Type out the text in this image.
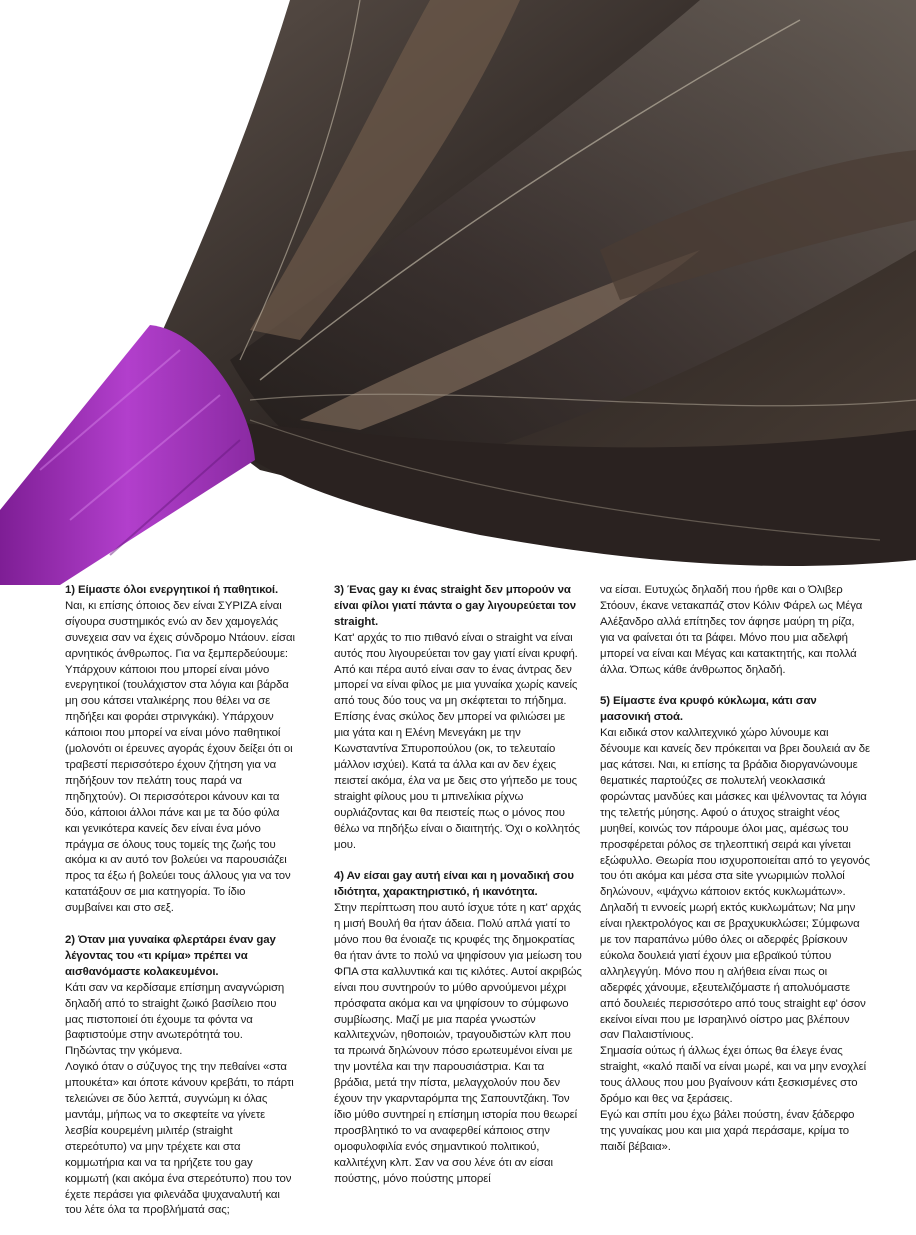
1) Είμαστε όλοι ενεργητικοί ή παθητικοί.
Ναι, κι επίσης όποιος δεν είναι ΣΥΡΙΖΑ είναι σίγουρα συστημικός ενώ αν δεν χαμογελάς συνεχεια σαν να έχεις σύνδρομο Ντάουν. είσαι αρνητικός άνθρωπος. Για να ξεμπερδεύουμε: Υπάρχουν κάποιοι που μπορεί είναι μόνο ενεργητικοί (τουλάχιστον στα λόγια και βάρδα μη σου κάτσει νταλικέρης που θέλει να σε πηδήξει και φοράει στρινγκάκι). Υπάρχουν κάποιοι που μπορεί να είναι μόνο παθητικοί (μολονότι οι έρευνες αγοράς έχουν δείξει ότι οι τραβεστί περισσότερο έχουν ζήτηση για να πηδήξουν τον πελάτη τους παρά να πηδηχτούν). Οι περισσότεροι κάνουν και τα δύο, κάποιοι άλλοι πάνε και με τα δύο φύλα και γενικότερα κανείς δεν είναι ένα μόνο πράγμα σε όλους τους τομείς της ζωής του ακόμα κι αν αυτό τον βολεύει να παρουσιάζει προς τα έξω ή βολεύει τους άλλους για να τον κατατάξουν σε μια κατηγορία. Το ίδιο συμβαίνει και στο σεξ.
2) Όταν μια γυναίκα φλερτάρει έναν gay λέγοντας του «τι κρίμα» πρέπει να αισθανόμαστε κολακευμένοι.
Κάτι σαν να κερδίσαμε επίσημη αναγνώριση δηλαδή από το straight ζωικό βασίλειο που μας πιστοποιεί ότι έχουμε τα φόντα να βαφτιστούμε στην ανωτερότητά του.
Πηδώντας την γκόμενα.
Λογικό όταν ο σύζυγος της την πεθαίνει «στα μπουκέτα» και όποτε κάνουν κρεβάτι, το πάρτι τελειώνει σε δύο λεπτά, συγνώμη κι όλας μαντάμ, μήπως να το σκεφτείτε να γίνετε λεσβία κουρεμένη μιλιτέρ (straight στερεότυπο) να μην τρέχετε και στα κομμωτήρια και να τα ηρήζετε του gay κομμωτή (και ακόμα ένα στερεότυπο) που τον έχετε περάσει για φιλενάδα ψυχαναλυτή και του λέτε όλα τα προβλήματά σας;
3) Ένας gay κι ένας straight δεν μπορούν να είναι φίλοι γιατί πάντα ο gay λιγουρεύεται τον straight.
Κατ' αρχάς το πιο πιθανό είναι ο straight να είναι αυτός που λιγουρεύεται τον gay γιατί είναι κρυφή. Από και πέρα αυτό είναι σαν το ένας άντρας δεν μπορεί να είναι φίλος με μια γυναίκα χωρίς κανείς από τους δύο τους να μη σκέφτεται το πήδημα. Επίσης ένας σκύλος δεν μπορεί να φιλιώσει με μια γάτα και η Ελένη Μενεγάκη με την Κωνσταντίνα Σπυροπούλου (οκ, το τελευταίο μάλλον ισχύει). Κατά τα άλλα και αν δεν έχεις πειστεί ακόμα, έλα να με δεις στο γήπεδο με τους straight φίλους μου τι μπινελίκια ρίχνω ουρλιάζοντας και θα πειστείς πως ο μόνος που θέλω να πηδήξω είναι ο διαιτητής. Όχι ο κολλητός μου.
4) Αν είσαι gay αυτή είναι και η μοναδική σου ιδιότητα, χαρακτηριστικό, ή ικανότητα.
Στην περίπτωση που αυτό ίσχυε τότε η κατ' αρχάς η μισή Βουλή θα ήταν άδεια. Πολύ απλά γιατί το μόνο που θα ένοιαζε τις κρυφές της δημοκρατίας θα ήταν άντε το πολύ να ψηφίσουν για μείωση του ΦΠΑ στα καλλυντικά και τις κιλότες. Αυτοί ακριβώς είναι που συντηρούν το μύθο αρνούμενοι μέχρι πρόσφατα ακόμα και να ψηφίσουν το σύμφωνο συμβίωσης. Μαζί με μια παρέα γνωστών καλλιτεχνών, ηθοποιών, τραγουδιστών κλπ που τα πρωινά δηλώνουν πόσο ερωτευμένοι είναι με την μοντέλα και την παρουσιάστρια. Και τα βράδια, μετά την πίστα, μελαγχολούν που δεν έχουν την γκαρνταρόμπα της Σαπουντζάκη. Τον ίδιο μύθο συντηρεί η επίσημη ιστορία που θεωρεί προσβλητικό το να αναφερθεί κάποιος στην ομοφυλοφιλία ενός σημαντικού πολιτικού, καλλιτέχνη κλπ. Σαν να σου λένε ότι αν είσαι πούστης, μόνο πούστης μπορεί
να είσαι. Ευτυχώς δηλαδή που ήρθε και ο Όλιβερ Στόουν, έκανε νετακαπάζ στον Κόλιν Φάρελ ως Μέγα Αλέξανδρο αλλά επίτηδες τον άφησε μαύρη τη ρίζα, για να φαίνεται ότι τα βάφει. Μόνο που μια αδελφή μπορεί να είναι και Μέγας και κατακτητής, και πολλά άλλα. Όπως κάθε άνθρωπος δηλαδή.
5) Είμαστε ένα κρυφό κύκλωμα, κάτι σαν μασονική στοά.
Και ειδικά στον καλλιτεχνικό χώρο λύνουμε και δένουμε και κανείς δεν πρόκειται να βρει δουλειά αν δε μας κάτσει. Ναι, κι επίσης τα βράδια διοργανώνουμε θεματικές παρτούζες σε πολυτελή νεοκλασικά φορώντας μανδύες και μάσκες και ψέλνοντας τα λόγια της τελετής μύησης. Αφού ο άτυχος straight νέος μυηθεί, κοινώς τον πάρουμε όλοι μας, αμέσως του προσφέρεται ρόλος σε τηλεοπτική σειρά και γίνεται εξώφυλλο. Θεωρία που ισχυροποιείται από το γεγονός του ότι ακόμα και μέσα στα site γνωριμιών πολλοί δηλώνουν, «ψάχνω κάποιον εκτός κυκλωμάτων». Δηλαδή τι εννοείς μωρή εκτός κυκλωμάτων; Να μην είναι ηλεκτρολόγος και σε βραχυκυκλώσει; Σύμφωνα με τον παραπάνω μύθο όλες οι αδερφές βρίσκουν εύκολα δουλειά γιατί έχουν μια εβραϊκού τύπου αλληλεγγύη. Μόνο που η αλήθεια είναι πως οι αδερφές χάνουμε, εξευτελιζόμαστε ή απολυόμαστε από δουλειές περισσότερο από τους straight εφ' όσον εκείνοι είναι που με Ισραηλινό οίστρο μας βλέπουν σαν Παλαιστίνιους.
Σημασία ούτως ή άλλως έχει όπως θα έλεγε ένας straight, «καλό παιδί να είναι μωρέ, και να μην ενοχλεί τους άλλους που μου βγαίνουν κάτι ξεσκισμένες στο δρόμο και θες να ξεράσεις.
Εγώ και σπίτι μου έχω βάλει πούστη, έναν ξάδερφο της γυναίκας μου και μια χαρά περάσαμε, κρίμα το παιδί βέβαια».
